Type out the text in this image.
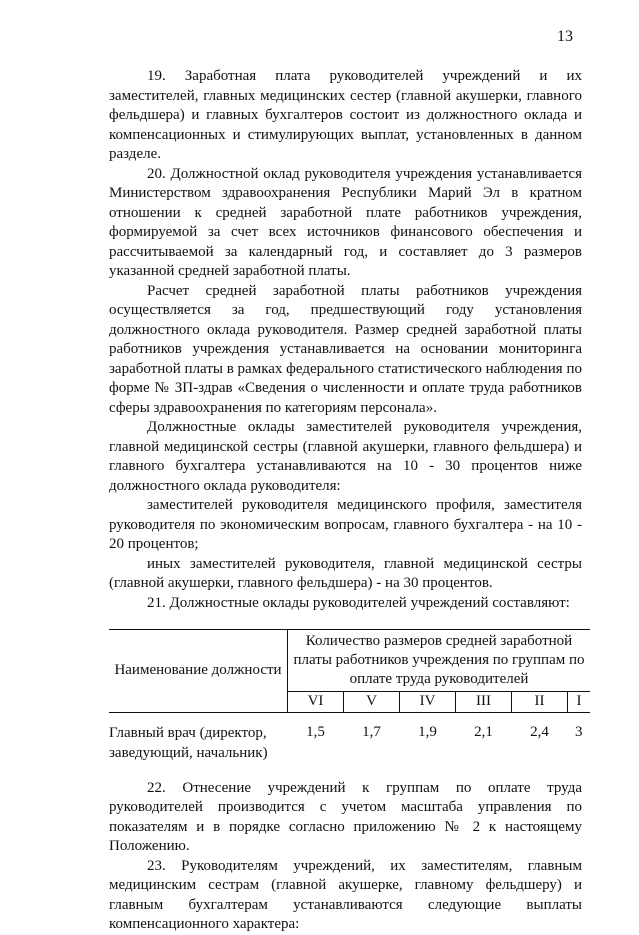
13

19. Заработная плата руководителей учреждений и их заместителей, главных медицинских сестер (главной акушерки, главного фельдшера) и главных бухгалтеров состоит из должностного оклада и компенсационных и стимулирующих выплат, установленных в данном разделе.

20. Должностной оклад руководителя учреждения устанавливается Министерством здравоохранения Республики Марий Эл в кратном отношении к средней заработной плате работников учреждения, формируемой за счет всех источников финансового обеспечения и рассчитываемой за календарный год, и составляет до 3 размеров указанной средней заработной платы.

Расчет средней заработной платы работников учреждения осуществляется за год, предшествующий году установления должностного оклада руководителя. Размер средней заработной платы работников учреждения устанавливается на основании мониторинга заработной платы в рамках федерального статистического наблюдения по форме № ЗП-здрав «Сведения о численности и оплате труда работников сферы здравоохранения по категориям персонала».

Должностные оклады заместителей руководителя учреждения, главной медицинской сестры (главной акушерки, главного фельдшера) и главного бухгалтера устанавливаются на 10 - 30 процентов ниже должностного оклада руководителя:

заместителей руководителя медицинского профиля, заместителя руководителя по экономическим вопросам, главного бухгалтера - на 10 - 20 процентов;

иных заместителей руководителя, главной медицинской сестры (главной акушерки, главного фельдшера) - на 30 процентов.

21. Должностные оклады руководителей учреждений составляют:

Наименование должности	Количество размеров средней заработной платы работников учреждения по группам по оплате труда руководителей					
	VI	V	IV	III	II	I
Главный врач (директор, заведующий, начальник)	1,5	1,7	1,9	2,1	2,4	3

22. Отнесение учреждений к группам по оплате труда руководителей производится с учетом масштаба управления по показателям и в порядке согласно приложению № 2 к настоящему Положению.

23. Руководителям учреждений, их заместителям, главным медицинским сестрам (главной акушерке, главному фельдшеру) и главным бухгалтерам устанавливаются следующие выплаты компенсационного характера:
